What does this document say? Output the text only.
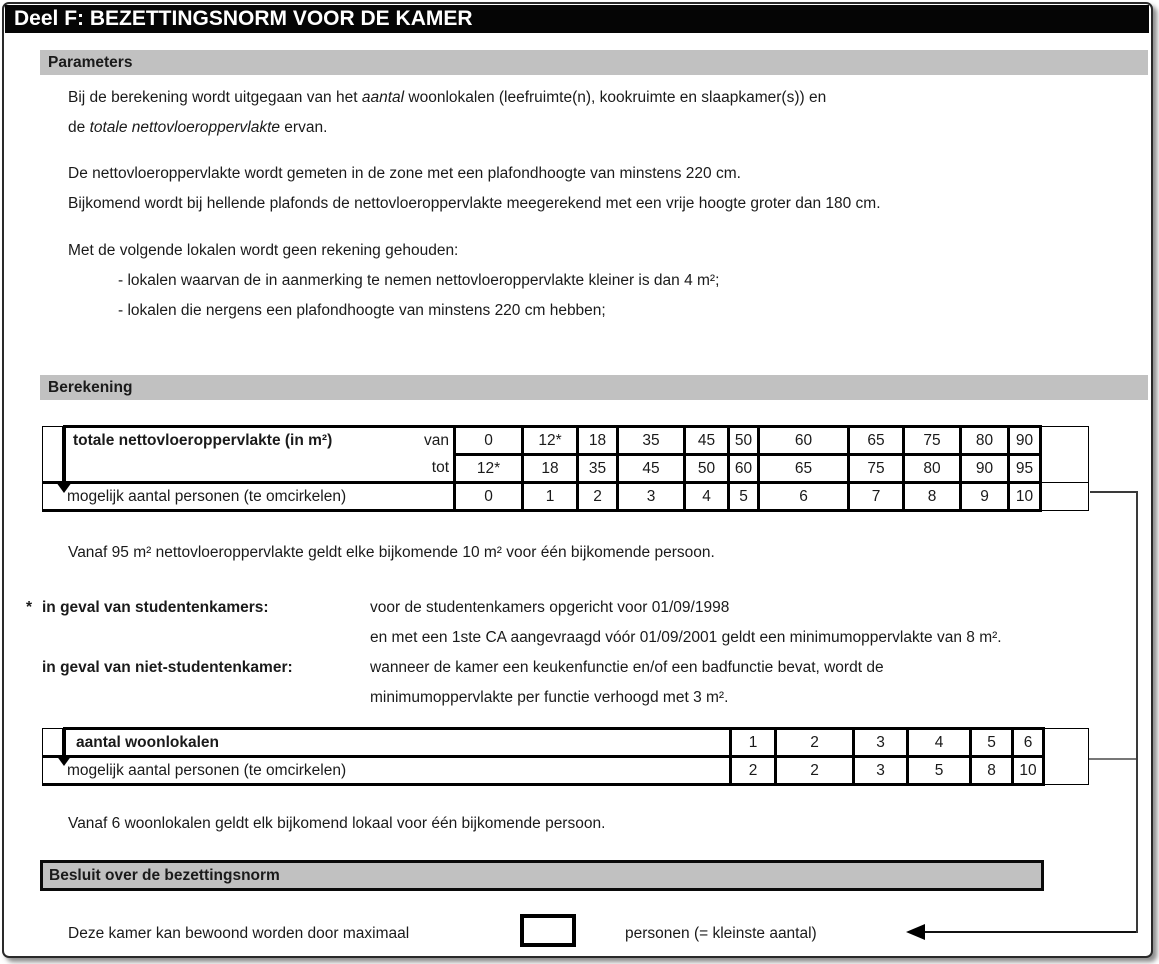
Deel F: BEZETTINGSNORM VOOR DE KAMER
Parameters
Bij de berekening wordt uitgegaan van het aantal woonlokalen (leefruimte(n), kookruimte en slaapkamer(s)) en
de totale nettovloeroppervlakte ervan.
De nettovloeroppervlakte wordt gemeten in de zone met een plafondhoogte van minstens 220 cm.
Bijkomend wordt bij hellende plafonds de nettovloeroppervlakte meegerekend met een vrije hoogte groter dan 180 cm.
Met de volgende lokalen wordt geen rekening gehouden:
- lokalen waarvan de in aanmerking te nemen nettovloeroppervlakte kleiner is dan 4 m²;
- lokalen die nergens een plafondhoogte van minstens 220 cm hebben;
Berekening

	totale nettovloeroppervlakte (in m²) van	0	12*	18	35	45	50	60	65	75	80	90	
	tot	12*	18	35	45	50	60	65	75	80	90	95	
mogelijk aantal personen (te omcirkelen)		0	1	2	3	4	5	6	7	8	9	10	
Vanaf 95 m² nettovloeroppervlakte geldt elke bijkomende 10 m² voor één bijkomende persoon.
* in geval van studentenkamers:	voor de studentenkamers opgericht voor 01/09/1998
en met een 1ste CA aangevraagd vóór 01/09/2001 geldt een minimumoppervlakte van 8 m².
in geval van niet-studentenkamer:	wanneer de kamer een keukenfunctie en/of een badfunctie bevat, wordt de
minimumoppervlakte per functie verhoogd met 3 m².
	aantal woonlokalen	1	2	3	4	5	6	
mogelijk aantal personen (te omcirkelen)		2	2	3	5	8	10	
Vanaf 6 woonlokalen geldt elk bijkomend lokaal voor één bijkomende persoon.
Besluit over de bezettingsnorm
Deze kamer kan bewoond worden door maximaal	personen (= kleinste aantal)
